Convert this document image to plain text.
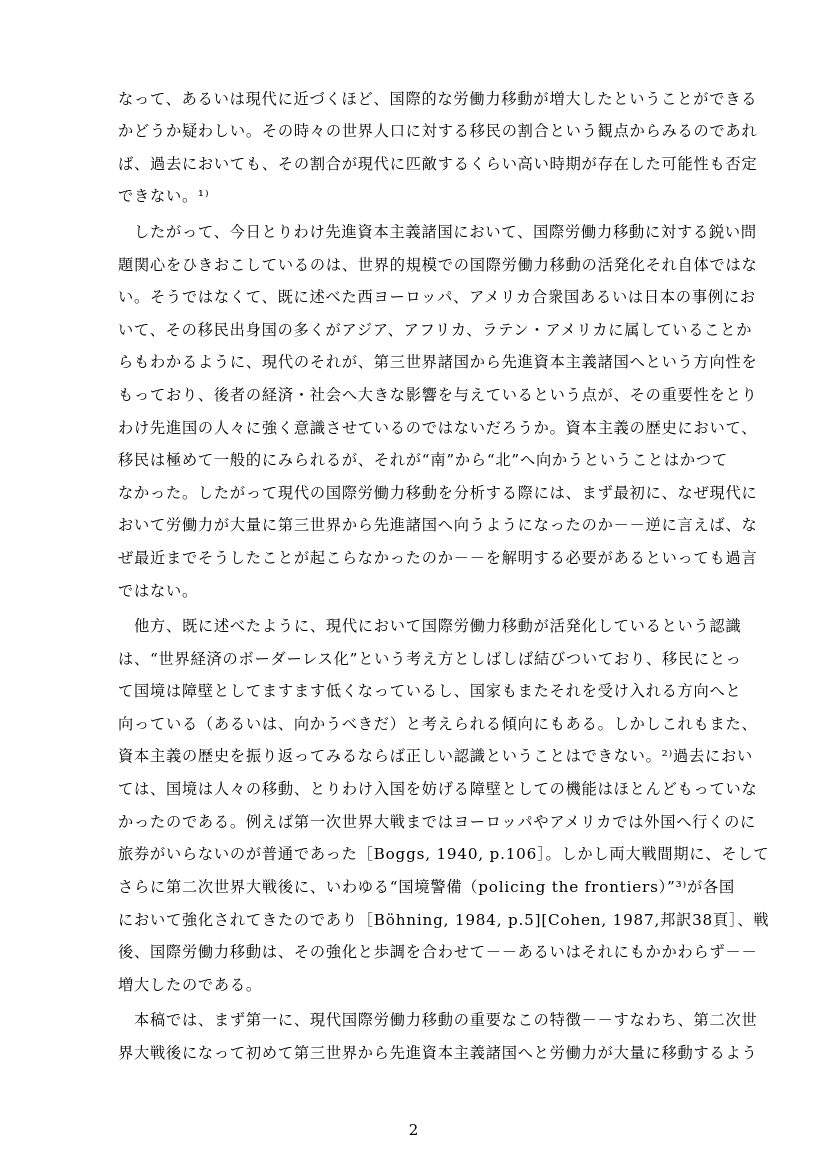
なって、あるいは現代に近づくほど、国際的な労働力移動が増大したということができる
かどうか疑わしい。その時々の世界人口に対する移民の割合という観点からみるのであれ
ば、過去においても、その割合が現代に匹敵するくらい高い時期が存在した可能性も否定
できない。¹⁾
　したがって、今日とりわけ先進資本主義諸国において、国際労働力移動に対する鋭い問
題関心をひきおこしているのは、世界的規模での国際労働力移動の活発化それ自体ではな
い。そうではなくて、既に述べた西ヨーロッパ、アメリカ合衆国あるいは日本の事例にお
いて、その移民出身国の多くがアジア、アフリカ、ラテン・アメリカに属していることか
らもわかるように、現代のそれが、第三世界諸国から先進資本主義諸国へという方向性を
もっており、後者の経済・社会へ大きな影響を与えているという点が、その重要性をとり
わけ先進国の人々に強く意識させているのではないだろうか。資本主義の歴史において、
移民は極めて一般的にみられるが、それが“南”から“北”へ向かうということはかつて
なかった。したがって現代の国際労働力移動を分析する際には、まず最初に、なぜ現代に
おいて労働力が大量に第三世界から先進諸国へ向うようになったのか－－逆に言えば、な
ぜ最近までそうしたことが起こらなかったのか－－を解明する必要があるといっても過言
ではない。
　他方、既に述べたように、現代において国際労働力移動が活発化しているという認識
は、“世界経済のボーダーレス化”という考え方としばしば結びついており、移民にとっ
て国境は障壁としてますます低くなっているし、国家もまたそれを受け入れる方向へと
向っている（あるいは、向かうべきだ）と考えられる傾向にもある。しかしこれもまた、
資本主義の歴史を振り返ってみるならば正しい認識ということはできない。²⁾過去におい
ては、国境は人々の移動、とりわけ入国を妨げる障壁としての機能はほとんどもっていな
かったのである。例えば第一次世界大戦まではヨーロッパやアメリカでは外国へ行くのに
旅券がいらないのが普通であった［Boggs, 1940, p.106］。しかし両大戦間期に、そして
さらに第二次世界大戦後に、いわゆる“国境警備（policing the frontiers）”³⁾が各国
において強化されてきたのであり［Böhning, 1984, p.5][Cohen, 1987,邦訳38頁］、戦
後、国際労働力移動は、その強化と歩調を合わせて－－あるいはそれにもかかわらず－－
増大したのである。
　本稿では、まず第一に、現代国際労働力移動の重要なこの特徴－－すなわち、第二次世
界大戦後になって初めて第三世界から先進資本主義諸国へと労働力が大量に移動するよう
2
